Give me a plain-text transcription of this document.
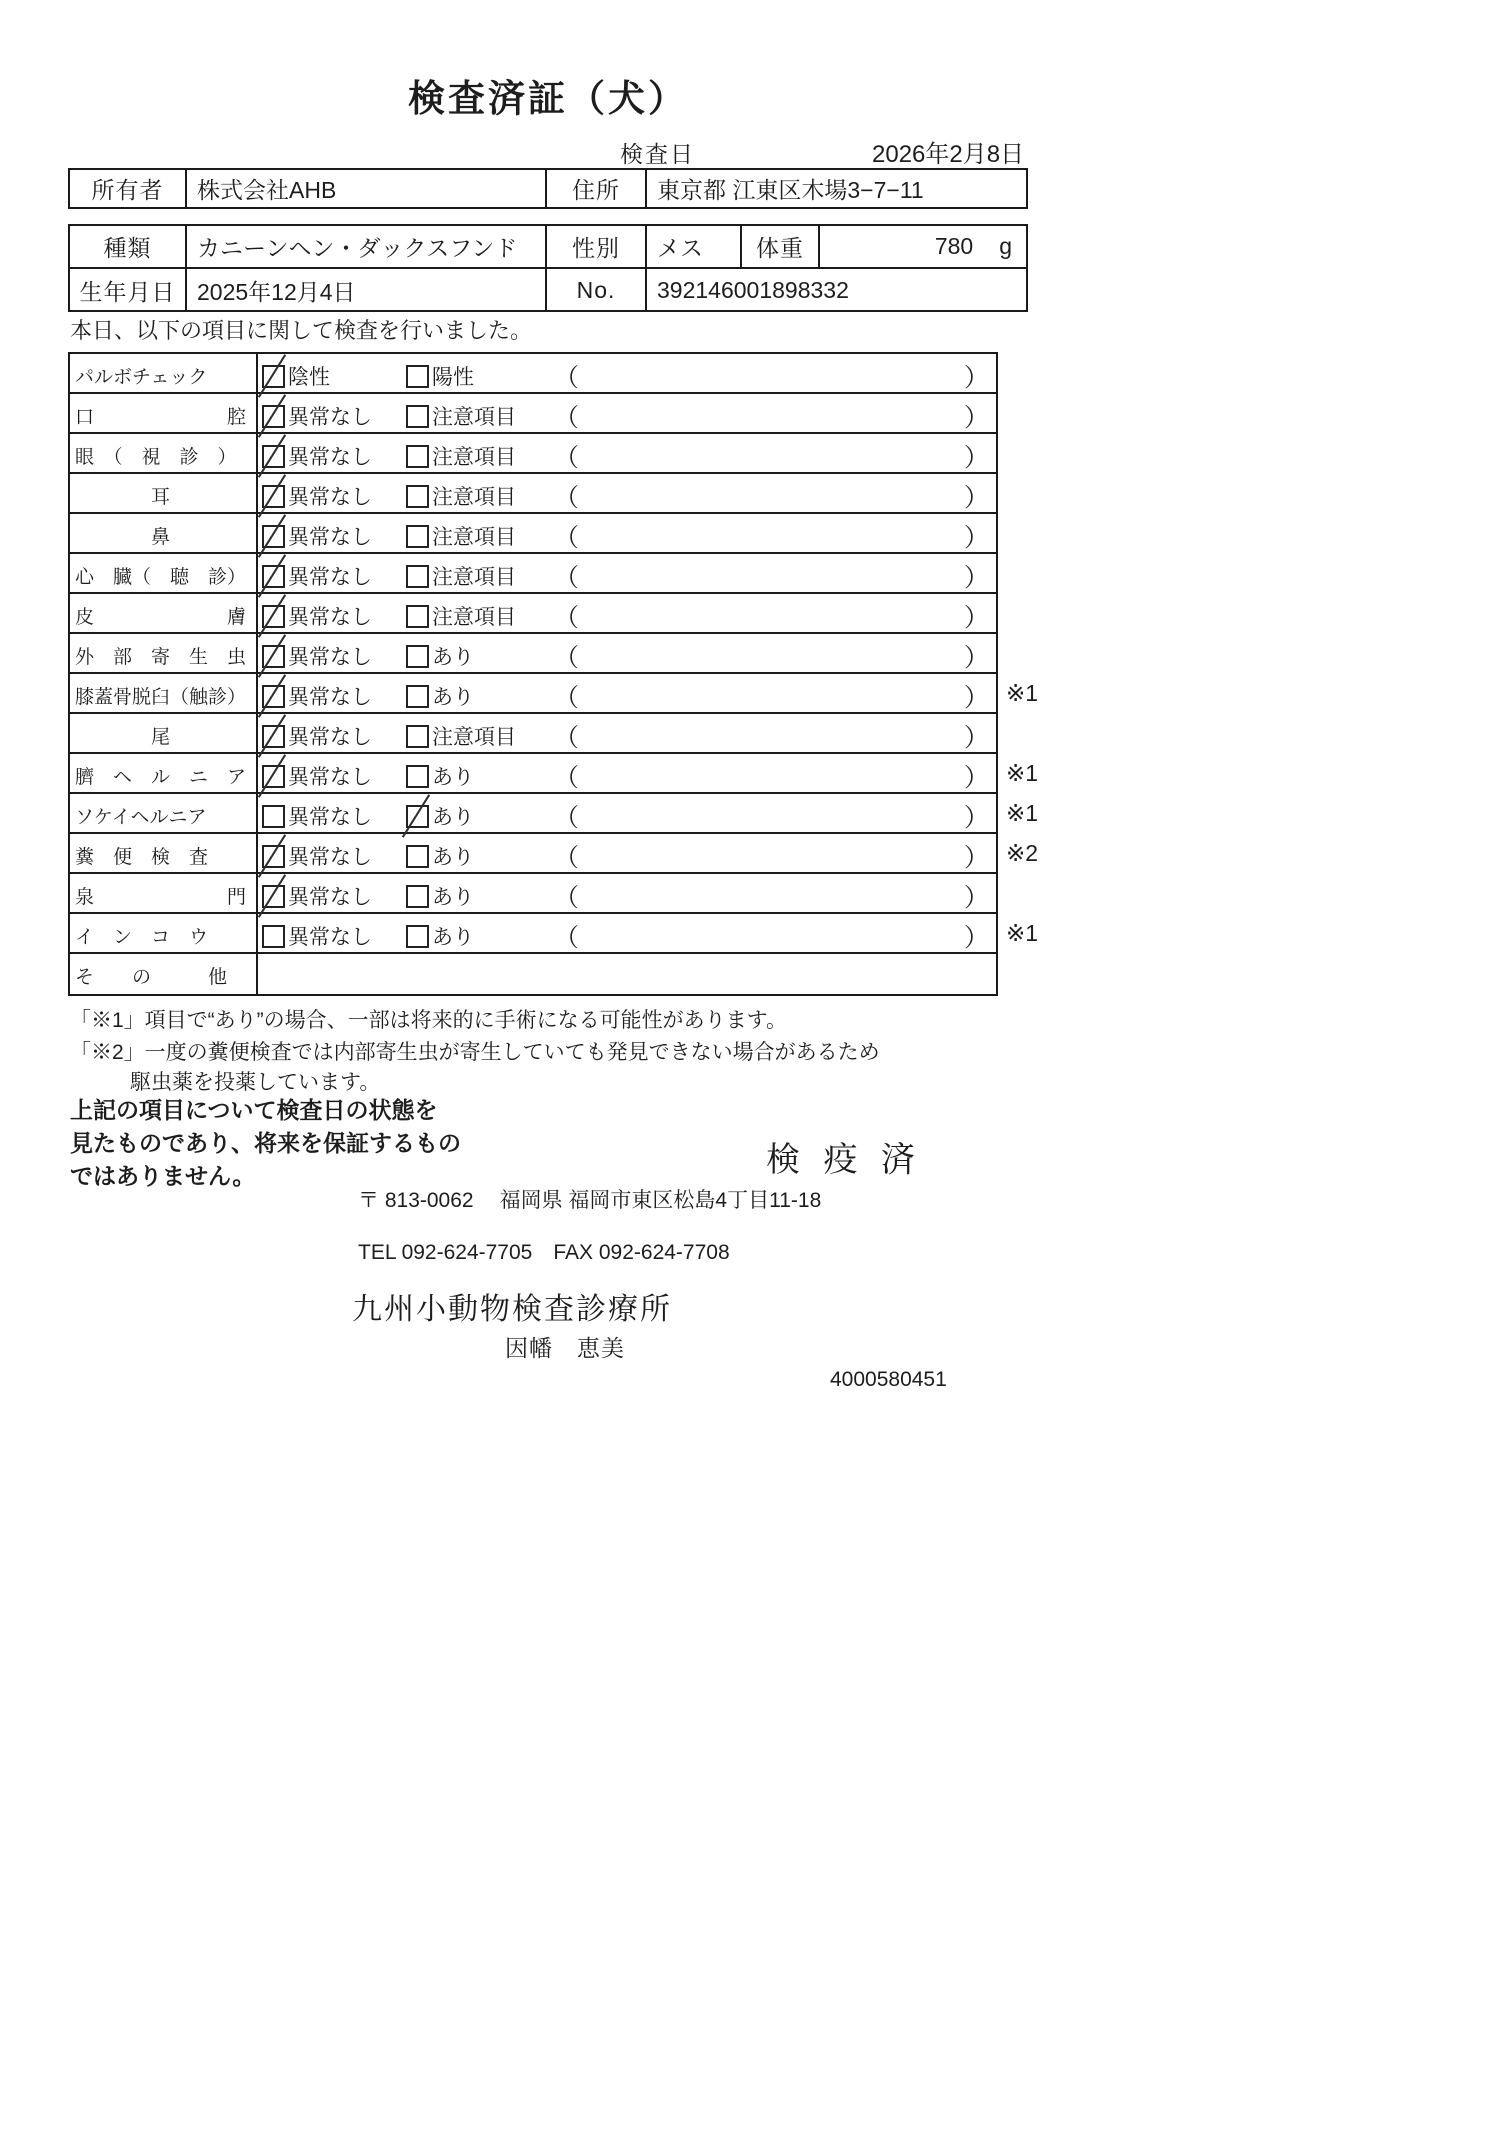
検査済証（犬）
検査日	2026年2月8日
所有者	株式会社AHB	住所	東京都 江東区木場3−7−11
種類	カニーンヘン・ダックスフンド	性別	メス	体重	780 g
生年月日 2025年12月4日	No.	392146001898332
本日、以下の項目に関して検査を行いました。
パルボチェック	陰性	陽性	（	）
口　　　　　　　腔	異常なし	注意項目 （	）
眼　（　視　診　）	異常なし	注意項目 （	）
　　　　耳	異常なし	注意項目 （	）
　　　　鼻	異常なし	注意項目 （	）
心　臓（　聴　診）	異常なし	注意項目 （	）
皮　　　　　　　膚	異常なし	注意項目 （	）
外　部　寄　生　虫	異常なし	あり	（	）
膝蓋骨脱臼（触診）	異常なし	あり	（	） ※1
　　　　尾	異常なし	注意項目 （	）
臍　ヘ　ル　ニ　ア	異常なし	あり	（	） ※1
ソケイヘルニア	異常なし	あり	（	） ※1
糞　便　検　査	異常なし	あり	（	） ※2
泉　　　　　　　門	異常なし	あり	（	）
イ　ン　コ　ウ	異常なし	あり	（	） ※1
そ　　の　　　他
「※1」項目で“あり”の場合、一部は将来的に手術になる可能性があります。
「※2」一度の糞便検査では内部寄生虫が寄生していても発見できない場合があるため
駆虫薬を投薬しています。
上記の項目について検査日の状態を
見たものであり、将来を保証するもの
ではありません。	検 疫 済
〒 813-0062 福岡県 福岡市東区松島4丁目11-18
TEL 092-624-7705　FAX 092-624-7708
九州小動物検査診療所
因幡　恵美
4000580451
